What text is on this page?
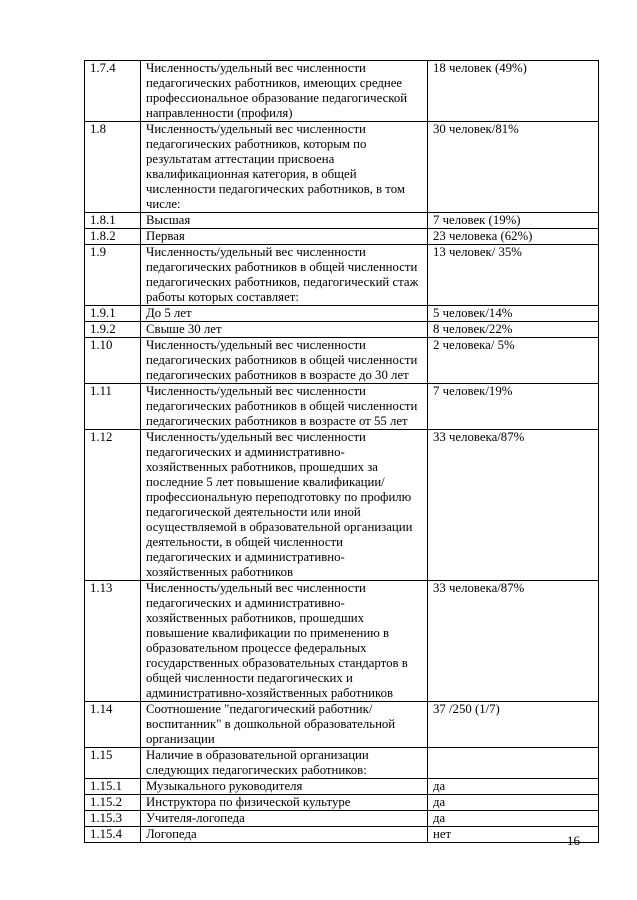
1.7.4	Численность/удельный вес численности педагогических работников, имеющих среднее профессиональное образование педагогической направленности (профиля)	18 человек (49%)
1.8	Численность/удельный вес численности педагогических работников, которым по результатам аттестации присвоена квалификационная категория, в общей численности педагогических работников, в том числе:	30 человек/81%
1.8.1	Высшая	7 человек (19%)
1.8.2	Первая	23 человека (62%)
1.9	Численность/удельный вес численности педагогических работников в общей численности педагогических работников, педагогический стаж работы которых составляет:	13 человек/ 35%
1.9.1	До 5 лет	5 человек/14%
1.9.2	Свыше 30 лет	8 человек/22%
1.10	Численность/удельный вес численности педагогических работников в общей численности педагогических работников в возрасте до 30 лет	2 человека/ 5%
1.11	Численность/удельный вес численности педагогических работников в общей численности педагогических работников в возрасте от 55 лет	7 человек/19%
1.12	Численность/удельный вес численности педагогических и административно-хозяйственных работников, прошедших за последние 5 лет повышение квалификации/профессиональную переподготовку по профилю педагогической деятельности или иной осуществляемой в образовательной организации деятельности, в общей численности педагогических и административно-хозяйственных работников	33 человека/87%
1.13	Численность/удельный вес численности педагогических и административно-хозяйственных работников, прошедших повышение квалификации по применению в образовательном процессе федеральных государственных образовательных стандартов в общей численности педагогических и административно-хозяйственных работников	33 человека/87%
1.14	Соотношение "педагогический работник/воспитанник" в дошкольной образовательной организации	37 /250 (1/7)
1.15	Наличие в образовательной организации следующих педагогических работников:	
1.15.1	Музыкального руководителя	да
1.15.2	Инструктора по физической культуре	да
1.15.3	Учителя-логопеда	да
1.15.4	Логопеда	нет	16
